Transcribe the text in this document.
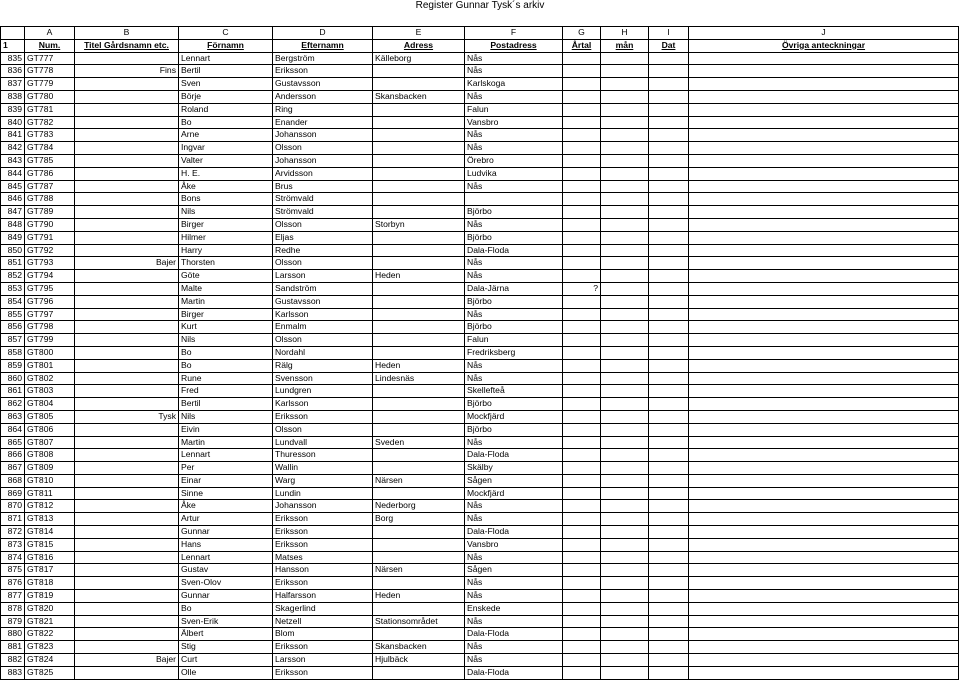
Register Gunnar Tysk´s arkiv
	A	B	C	D	E	F	G	H	I	J
1	Num.	Titel Gårdsnamn etc.	Förnamn	Efternamn	Adress	Postadress	Årtal	mån	Dat	Övriga anteckningar
835	GT777		Lennart	Bergström	Källeborg	Nås				
836	GT778	Fins	Bertil	Eriksson		Nås				
837	GT779		Sven	Gustavsson		Karlskoga				
838	GT780		Börje	Andersson	Skansbacken	Nås				
839	GT781		Roland	Ring		Falun				
840	GT782		Bo	Enander		Vansbro				
841	GT783		Arne	Johansson		Nås				
842	GT784		Ingvar	Olsson		Nås				
843	GT785		Valter	Johansson		Örebro				
844	GT786		H. E.	Arvidsson		Ludvika				
845	GT787		Åke	Brus		Nås				
846	GT788		Bons	Strömvald						
847	GT789		Nils	Strömvald		Björbo				
848	GT790		Birger	Olsson	Storbyn	Nås				
849	GT791		Hilmer	Eljas		Björbo				
850	GT792		Harry	Redhe		Dala-Floda				
851	GT793	Bajer	Thorsten	Olsson		Nås				
852	GT794		Göte	Larsson	Heden	Nås				
853	GT795		Malte	Sandström		Dala-Järna	?			
854	GT796		Martin	Gustavsson		Björbo				
855	GT797		Birger	Karlsson		Nås				
856	GT798		Kurt	Enmalm		Björbo				
857	GT799		Nils	Olsson		Falun				
858	GT800		Bo	Nordahl		Fredriksberg				
859	GT801		Bo	Rälg	Heden	Nås				
860	GT802		Rune	Svensson	Lindesnäs	Nås				
861	GT803		Fred	Lundgren		Skellefteå				
862	GT804		Bertil	Karlsson		Björbo				
863	GT805	Tysk	Nils	Eriksson		Mockfjärd				
864	GT806		Eivin	Olsson		Björbo				
865	GT807		Martin	Lundvall	Sveden	Nås				
866	GT808		Lennart	Thuresson		Dala-Floda				
867	GT809		Per	Wallin		Skälby				
868	GT810		Einar	Warg	Närsen	Sågen				
869	GT811		Sinne	Lundin		Mockfjärd				
870	GT812		Åke	Johansson	Nederborg	Nås				
871	GT813		Artur	Eriksson	Borg	Nås				
872	GT814		Gunnar	Eriksson		Dala-Floda				
873	GT815		Hans	Eriksson		Vansbro				
874	GT816		Lennart	Matses		Nås				
875	GT817		Gustav	Hansson	Närsen	Sågen				
876	GT818		Sven-Olov	Eriksson		Nås				
877	GT819		Gunnar	Halfarsson	Heden	Nås				
878	GT820		Bo	Skagerlind		Enskede				
879	GT821		Sven-Erik	Netzell	Stationsområdet	Nås				
880	GT822		Älbert	Blom		Dala-Floda				
881	GT823		Stig	Eriksson	Skansbacken	Nås				
882	GT824	Bajer	Curt	Larsson	Hjulbäck	Nås				
883	GT825		Olle	Eriksson		Dala-Floda				
